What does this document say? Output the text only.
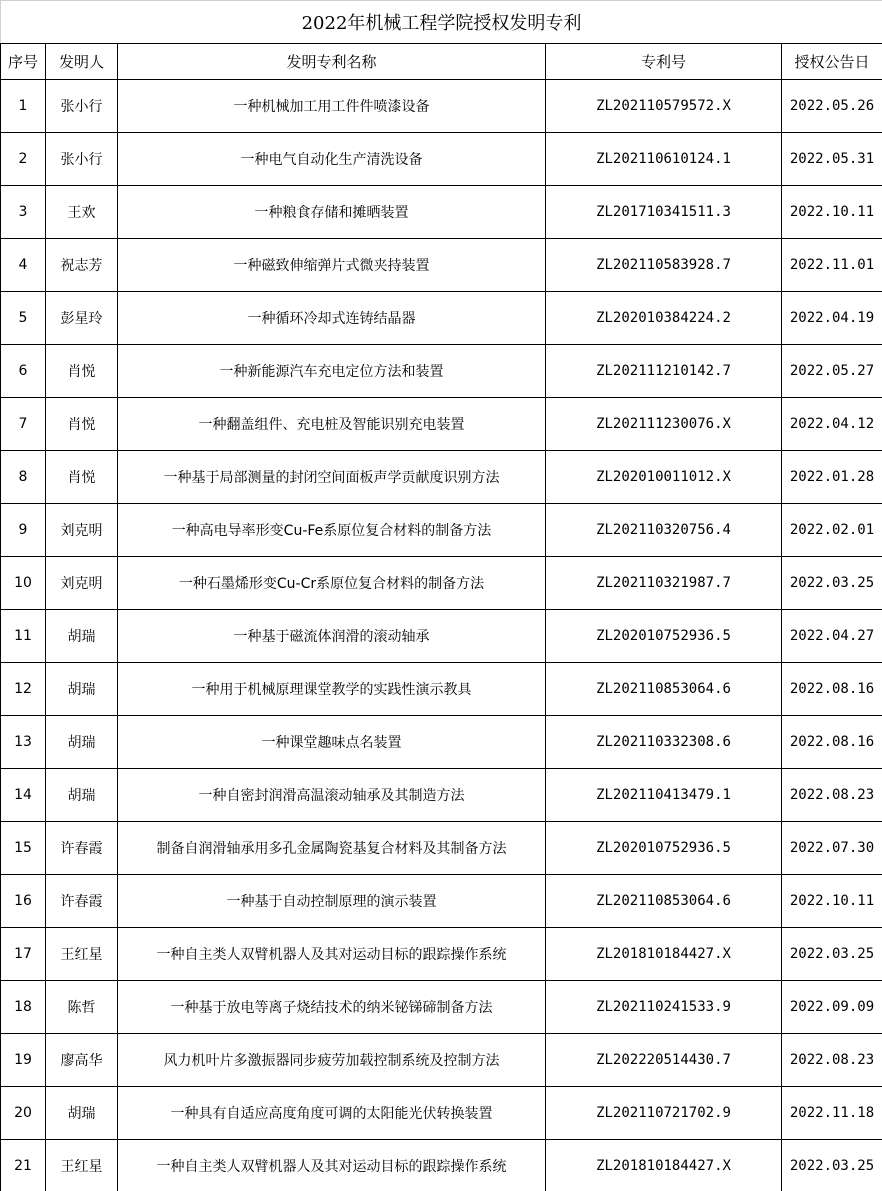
2022年机械工程学院授权发明专利				
序号	发明人	发明专利名称	专利号	授权公告日
1	张小行	一种机械加工用工件件喷漆设备	ZL202110579572.X	2022.05.26
2	张小行	一种电气自动化生产清洗设备	ZL202110610124.1	2022.05.31
3	王欢	一种粮食存储和摊晒装置	ZL201710341511.3	2022.10.11
4	祝志芳	一种磁致伸缩弹片式微夹持装置	ZL202110583928.7	2022.11.01
5	彭星玲	一种循环冷却式连铸结晶器	ZL202010384224.2	2022.04.19
6	肖悦	一种新能源汽车充电定位方法和装置	ZL202111210142.7	2022.05.27
7	肖悦	一种翻盖组件、充电桩及智能识别充电装置	ZL202111230076.X	2022.04.12
8	肖悦	一种基于局部测量的封闭空间面板声学贡献度识别方法	ZL202010011012.X	2022.01.28
9	刘克明	一种高电导率形变Cu-Fe系原位复合材料的制备方法	ZL202110320756.4	2022.02.01
10	刘克明	一种石墨烯形变Cu-Cr系原位复合材料的制备方法	ZL202110321987.7	2022.03.25
11	胡瑞	一种基于磁流体润滑的滚动轴承	ZL202010752936.5	2022.04.27
12	胡瑞	一种用于机械原理课堂教学的实践性演示教具	ZL202110853064.6	2022.08.16
13	胡瑞	一种课堂趣味点名装置	ZL202110332308.6	2022.08.16
14	胡瑞	一种自密封润滑高温滚动轴承及其制造方法	ZL202110413479.1	2022.08.23
15	许春霞	制备自润滑轴承用多孔金属陶瓷基复合材料及其制备方法	ZL202010752936.5	2022.07.30
16	许春霞	一种基于自动控制原理的演示装置	ZL202110853064.6	2022.10.11
17	王红星	一种自主类人双臂机器人及其对运动目标的跟踪操作系统	ZL201810184427.X	2022.03.25
18	陈哲	一种基于放电等离子烧结技术的纳米铋锑碲制备方法	ZL202110241533.9	2022.09.09
19	廖高华	风力机叶片多激振器同步疲劳加载控制系统及控制方法	ZL202220514430.7	2022.08.23
20	胡瑞	一种具有自适应高度角度可调的太阳能光伏转换装置	ZL202110721702.9	2022.11.18
21	王红星	一种自主类人双臂机器人及其对运动目标的跟踪操作系统	ZL201810184427.X	2022.03.25
